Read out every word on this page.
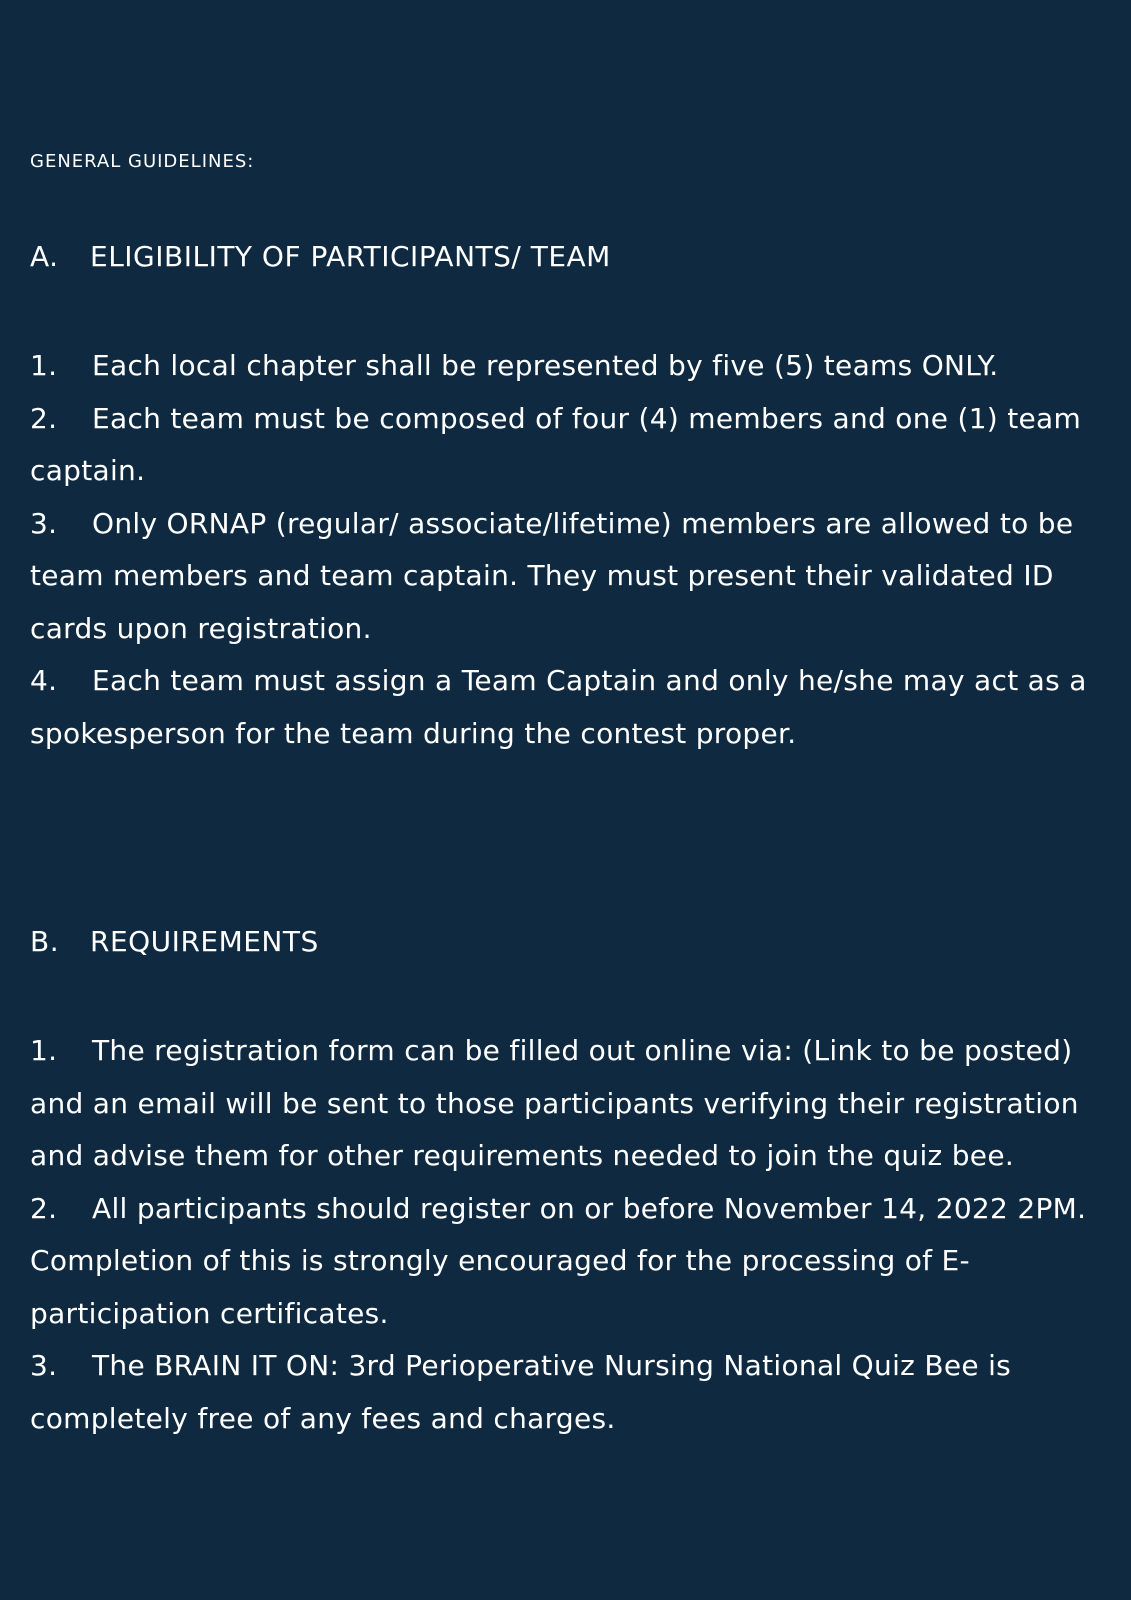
GENERAL GUIDELINES:
A. ELIGIBILITY OF PARTICIPANTS/ TEAM
1. Each local chapter shall be represented by five (5) teams ONLY.
2. Each team must be composed of four (4) members and one (1) team captain.
3. Only ORNAP (regular/ associate/lifetime) members are allowed to be team members and team captain. They must present their validated ID cards upon registration.
4. Each team must assign a Team Captain and only he/she may act as a spokesperson for the team during the contest proper.
B. REQUIREMENTS
1. The registration form can be filled out online via: (Link to be posted) and an email will be sent to those participants verifying their registration and advise them for other requirements needed to join the quiz bee.
2. All participants should register on or before November 14, 2022 2PM. Completion of this is strongly encouraged for the processing of E-participation certificates.
3. The BRAIN IT ON: 3rd Perioperative Nursing National Quiz Bee is completely free of any fees and charges.
